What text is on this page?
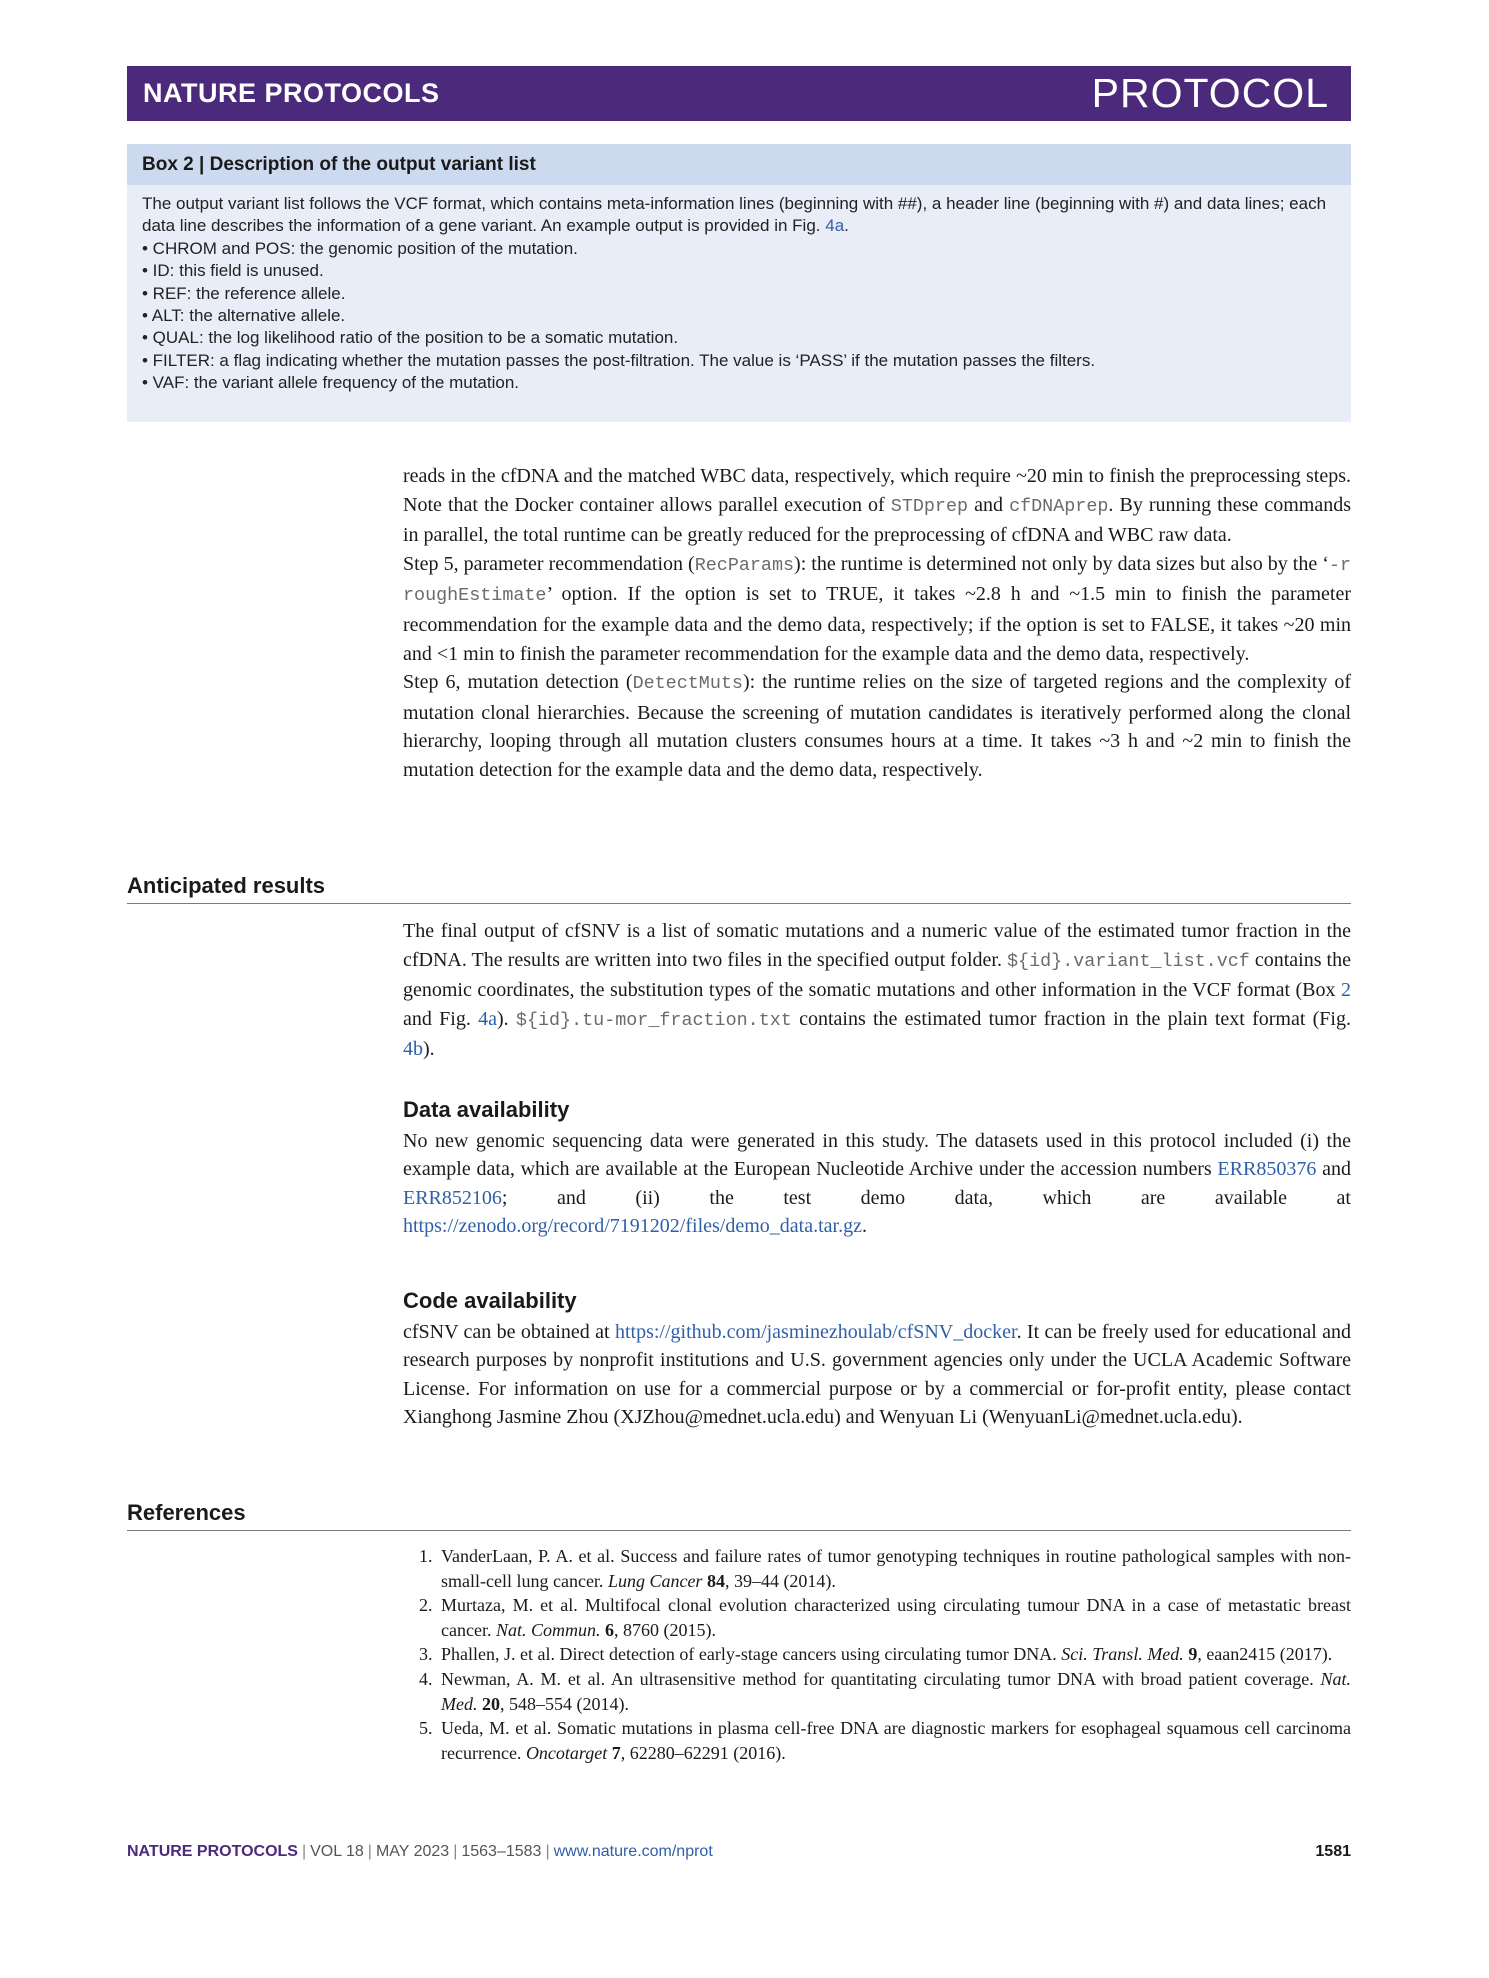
NATURE PROTOCOLS	PROTOCOL
Box 2 | Description of the output variant list

The output variant list follows the VCF format, which contains meta-information lines (beginning with ##), a header line (beginning with #) and data lines; each data line describes the information of a gene variant. An example output is provided in Fig. 4a.

• CHROM and POS: the genomic position of the mutation.

• ID: this field is unused.

• REF: the reference allele.

• ALT: the alternative allele.

• QUAL: the log likelihood ratio of the position to be a somatic mutation.

• FILTER: a flag indicating whether the mutation passes the post-filtration. The value is ‘PASS’ if the mutation passes the filters.

• VAF: the variant allele frequency of the mutation.

reads in the cfDNA and the matched WBC data, respectively, which require ~20 min to finish the preprocessing steps. Note that the Docker container allows parallel execution of STDprep and cfDNAprep. By running these commands in parallel, the total runtime can be greatly reduced for the preprocessing of cfDNA and WBC raw data.

Step 5, parameter recommendation (RecParams): the runtime is determined not only by data sizes but also by the ‘-r roughEstimate’ option. If the option is set to TRUE, it takes ~2.8 h and ~1.5 min to finish the parameter recommendation for the example data and the demo data, respectively; if the option is set to FALSE, it takes ~20 min and <1 min to finish the parameter recommendation for the example data and the demo data, respectively.

Step 6, mutation detection (DetectMuts): the runtime relies on the size of targeted regions and the complexity of mutation clonal hierarchies. Because the screening of mutation candidates is iteratively performed along the clonal hierarchy, looping through all mutation clusters consumes hours at a time. It takes ~3 h and ~2 min to finish the mutation detection for the example data and the demo data, respectively.

Anticipated results

The final output of cfSNV is a list of somatic mutations and a numeric value of the estimated tumor fraction in the cfDNA. The results are written into two files in the specified output folder. ${id}.variant_list.vcf contains the genomic coordinates, the substitution types of the somatic mutations and other information in the VCF format (Box 2 and Fig. 4a). ${id}.tu-mor_fraction.txt contains the estimated tumor fraction in the plain text format (Fig. 4b).

Data availability

No new genomic sequencing data were generated in this study. The datasets used in this protocol included (i) the example data, which are available at the European Nucleotide Archive under the accession numbers ERR850376 and ERR852106; and (ii) the test demo data, which are available at https://zenodo.org/record/7191202/files/demo_data.tar.gz.

Code availability

cfSNV can be obtained at https://github.com/jasminezhoulab/cfSNV_docker. It can be freely used for educational and research purposes by nonprofit institutions and U.S. government agencies only under the UCLA Academic Software License. For information on use for a commercial purpose or by a commercial or for-profit entity, please contact Xianghong Jasmine Zhou (XJZhou@mednet.ucla.edu) and Wenyuan Li (WenyuanLi@mednet.ucla.edu).

References
1. VanderLaan, P. A. et al. Success and failure rates of tumor genotyping techniques in routine pathological samples with non-small-cell lung cancer. Lung Cancer 84, 39–44 (2014).
2. Murtaza, M. et al. Multifocal clonal evolution characterized using circulating tumour DNA in a case of metastatic breast cancer. Nat. Commun. 6, 8760 (2015).
3. Phallen, J. et al. Direct detection of early-stage cancers using circulating tumor DNA. Sci. Transl. Med. 9, eaan2415 (2017).
4. Newman, A. M. et al. An ultrasensitive method for quantitating circulating tumor DNA with broad patient coverage. Nat. Med. 20, 548–554 (2014).
5. Ueda, M. et al. Somatic mutations in plasma cell-free DNA are diagnostic markers for esophageal squamous cell carcinoma recurrence. Oncotarget 7, 62280–62291 (2016).
NATURE PROTOCOLS | VOL 18 | MAY 2023 | 1563–1583 | www.nature.com/nprot	1581
